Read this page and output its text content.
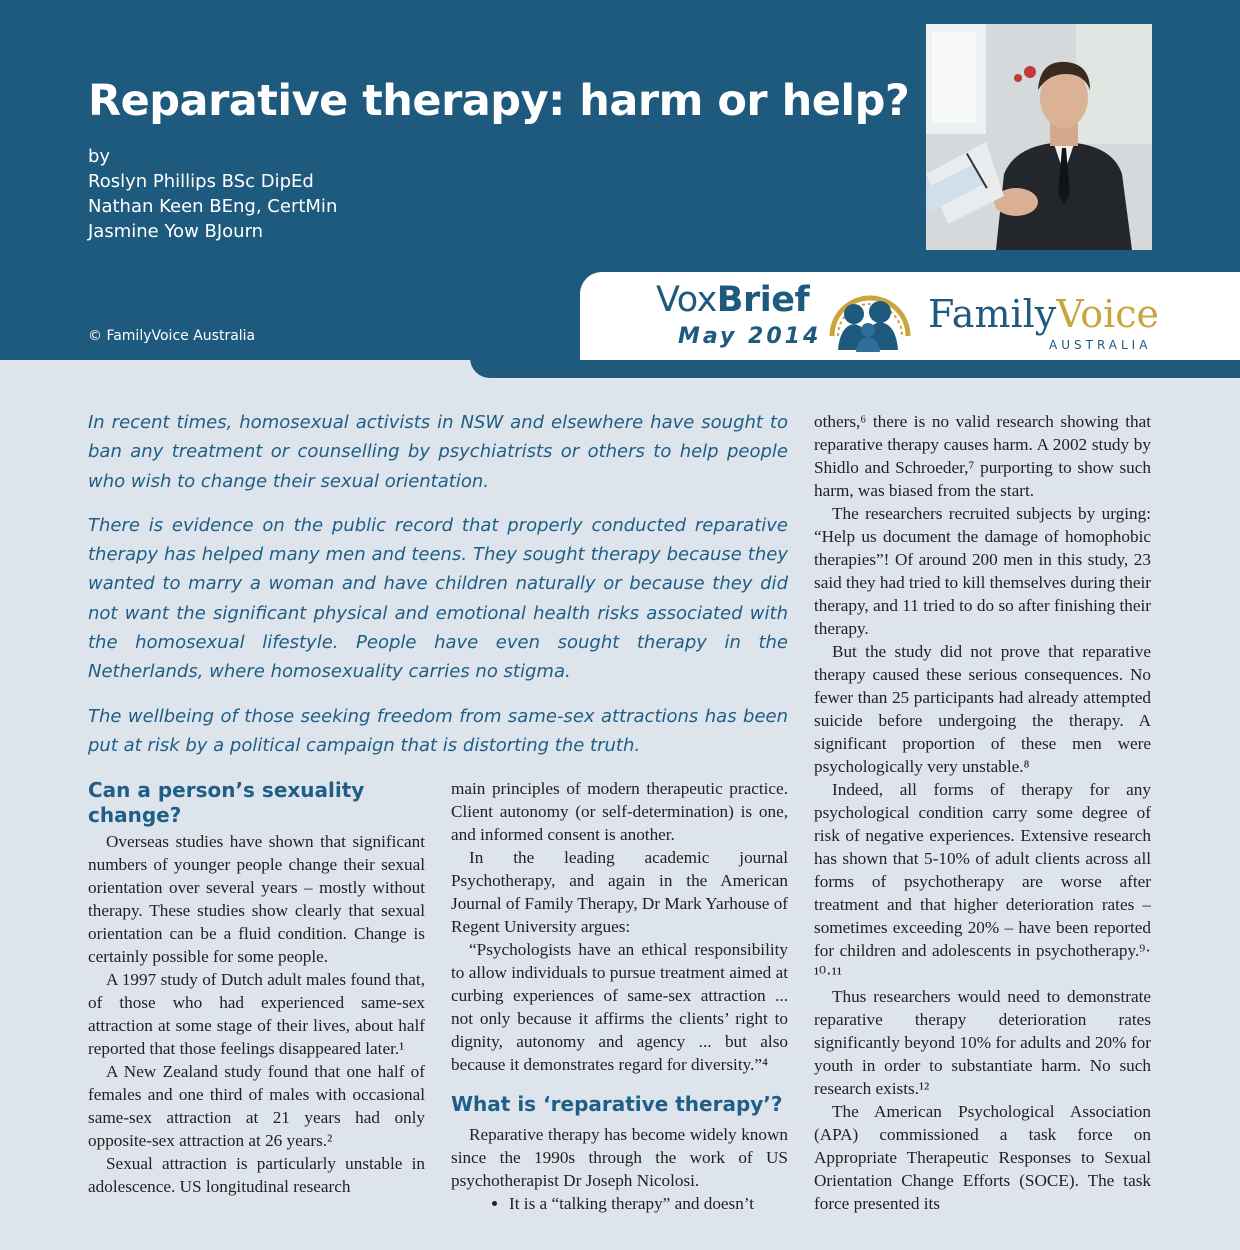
Reparative therapy: harm or help?
by
Roslyn Phillips BSc DipEd
Nathan Keen BEng, CertMin
Jasmine Yow BJourn
© FamilyVoice Australia
VoxBrief
May 2014
FamilyVoice
AUSTRALIA

In recent times, homosexual activists in NSW and elsewhere have sought to ban any treatment or counselling by psychiatrists or others to help people who wish to change their sexual orientation.

There is evidence on the public record that properly conducted reparative therapy has helped many men and teens. They sought therapy because they wanted to marry a woman and have children naturally or because they did not want the significant physical and emotional health risks associated with the homosexual lifestyle. People have even sought therapy in the Netherlands, where homosexuality carries no stigma.

The wellbeing of those seeking freedom from same-sex attractions has been put at risk by a political campaign that is distorting the truth.

Can a person’s sexuality change?

Overseas studies have shown that significant numbers of younger people change their sexual orientation over several years – mostly without therapy. These studies show clearly that sexual orientation can be a fluid condition. Change is certainly possible for some people.

A 1997 study of Dutch adult males found that, of those who had experienced same-sex attraction at some stage of their lives, about half reported that those feelings disappeared later.¹

A New Zealand study found that one half of females and one third of males with occasional same-sex attraction at 21 years had only opposite-sex attraction at 26 years.²

Sexual attraction is particularly unstable in adolescence. US longitudinal research

main principles of modern therapeutic practice. Client autonomy (or self-determination) is one, and informed consent is another.

In the leading academic journal Psychotherapy, and again in the American Journal of Family Therapy, Dr Mark Yarhouse of Regent University argues:

“Psychologists have an ethical responsibility to allow individuals to pursue treatment aimed at curbing experiences of same-sex attraction ... not only because it affirms the clients’ right to dignity, autonomy and agency ... but also because it demonstrates regard for diversity.”⁴

What is ‘reparative therapy’?

Reparative therapy has become widely known since the 1990s through the work of US psychotherapist Dr Joseph Nicolosi.

• It is a “talking therapy” and doesn’t

others,⁶ there is no valid research showing that reparative therapy causes harm. A 2002 study by Shidlo and Schroeder,⁷ purporting to show such harm, was biased from the start.

The researchers recruited subjects by urging: “Help us document the damage of homophobic therapies”! Of around 200 men in this study, 23 said they had tried to kill themselves during their therapy, and 11 tried to do so after finishing their therapy.

But the study did not prove that reparative therapy caused these serious consequences. No fewer than 25 participants had already attempted suicide before undergoing the therapy. A significant proportion of these men were psychologically very unstable.⁸

Indeed, all forms of therapy for any psychological condition carry some degree of risk of negative experiences. Extensive research has shown that 5-10% of adult clients across all forms of psychotherapy are worse after treatment and that higher deterioration rates – sometimes exceeding 20% – have been reported for children and adolescents in psychotherapy.⁹· ¹⁰·¹¹

Thus researchers would need to demonstrate reparative therapy deterioration rates significantly beyond 10% for adults and 20% for youth in order to substantiate harm. No such research exists.¹²

The American Psychological Association (APA) commissioned a task force on Appropriate Therapeutic Responses to Sexual Orientation Change Efforts (SOCE). The task force presented its
